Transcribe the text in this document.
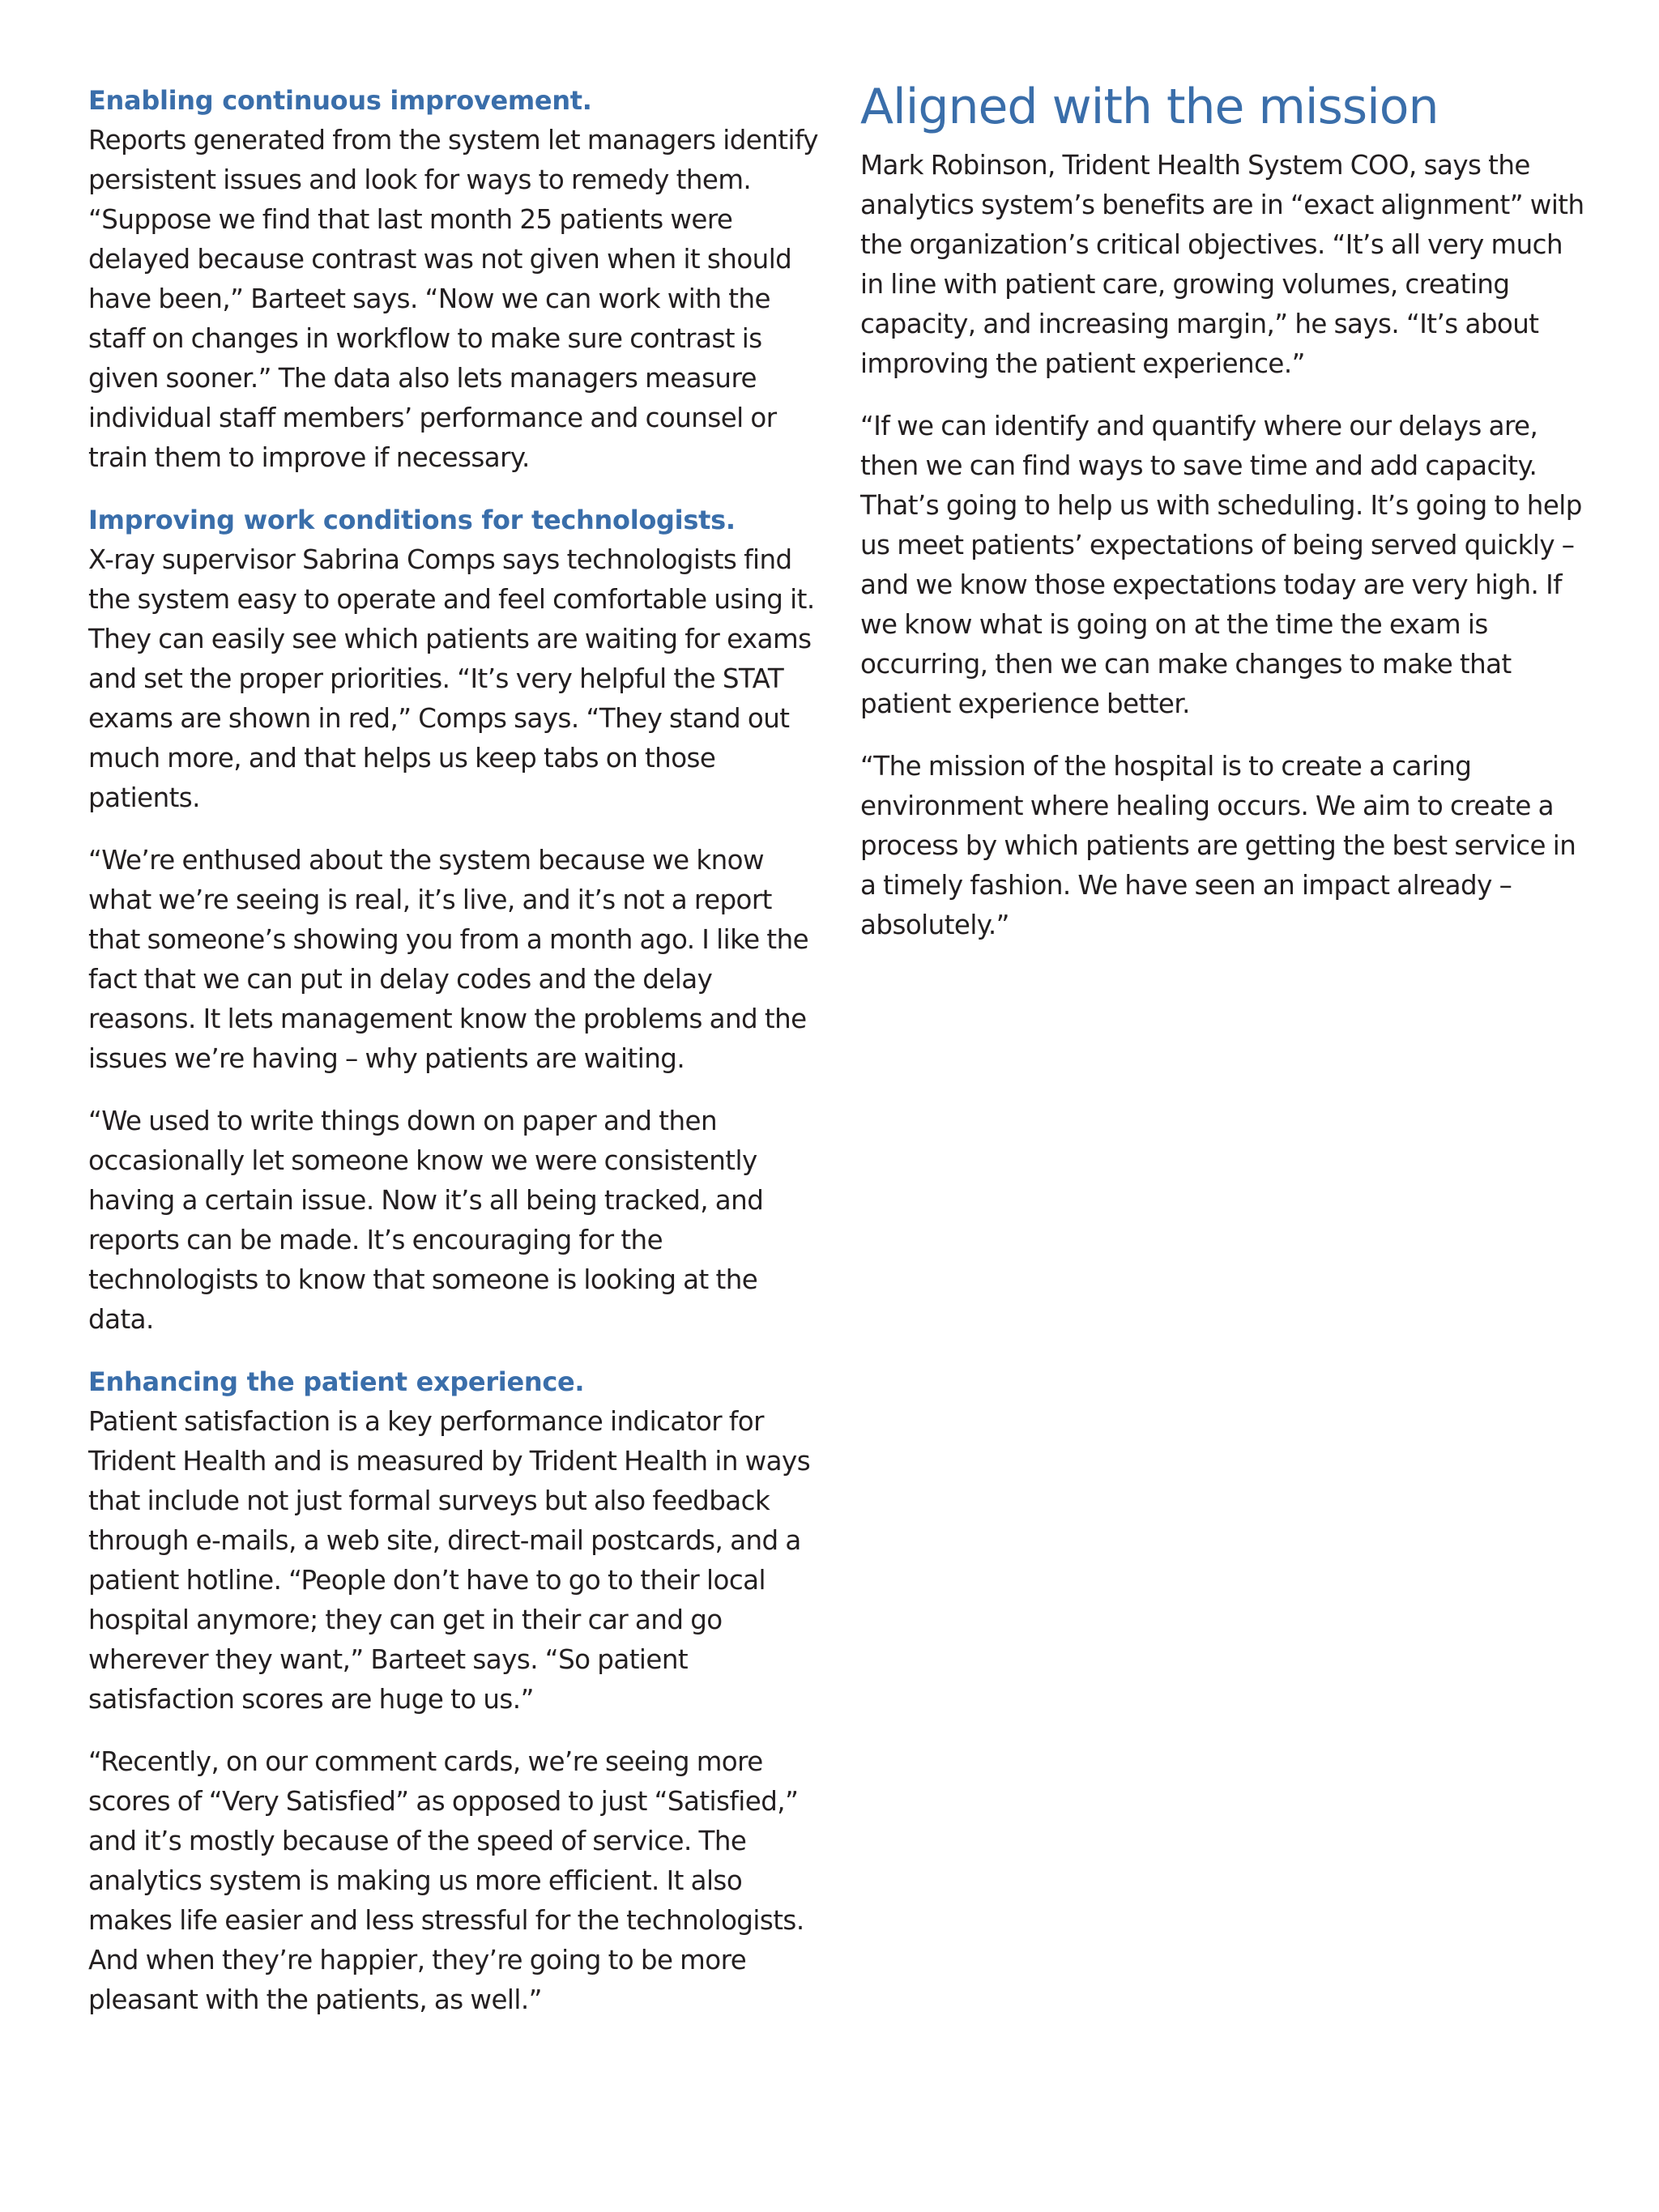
Enabling continuous improvement.

Reports generated from the system let managers identify persistent issues and look for ways to remedy them. “Suppose we find that last month 25 patients were delayed because contrast was not given when it should have been,” Barteet says. “Now we can work with the staff on changes in workflow to make sure contrast is given sooner.” The data also lets managers measure individual staff members’ performance and counsel or train them to improve if necessary.

Improving work conditions for technologists.

X-ray supervisor Sabrina Comps says technologists find the system easy to operate and feel comfortable using it. They can easily see which patients are waiting for exams and set the proper priorities. “It’s very helpful the STAT exams are shown in red,” Comps says. “They stand out much more, and that helps us keep tabs on those patients.

“We’re enthused about the system because we know what we’re seeing is real, it’s live, and it’s not a report that someone’s showing you from a month ago. I like the fact that we can put in delay codes and the delay reasons. It lets management know the problems and the issues we’re having – why patients are waiting.

“We used to write things down on paper and then occasionally let someone know we were consistently having a certain issue. Now it’s all being tracked, and reports can be made. It’s encouraging for the technologists to know that someone is looking at the data.

Enhancing the patient experience.

Patient satisfaction is a key performance indicator for Trident Health and is measured by Trident Health in ways that include not just formal surveys but also feedback through e-mails, a web site, direct-mail postcards, and a patient hotline. “People don’t have to go to their local hospital anymore; they can get in their car and go wherever they want,” Barteet says. “So patient satisfaction scores are huge to us.”

“Recently, on our comment cards, we’re seeing more scores of “Very Satisfied” as opposed to just “Satisfied,” and it’s mostly because of the speed of service. The analytics system is making us more efficient. It also makes life easier and less stressful for the technologists. And when they’re happier, they’re going to be more pleasant with the patients, as well.”

Aligned with the mission

Mark Robinson, Trident Health System COO, says the analytics system’s benefits are in “exact alignment” with the organization’s critical objectives. “It’s all very much in line with patient care, growing volumes, creating capacity, and increasing margin,” he says. “It’s about improving the patient experience.”

“If we can identify and quantify where our delays are, then we can find ways to save time and add capacity. That’s going to help us with scheduling. It’s going to help us meet patients’ expectations of being served quickly – and we know those expectations today are very high. If we know what is going on at the time the exam is occurring, then we can make changes to make that patient experience better.

“The mission of the hospital is to create a caring environment where healing occurs. We aim to create a process by which patients are getting the best service in a timely fashion. We have seen an impact already – absolutely.”
